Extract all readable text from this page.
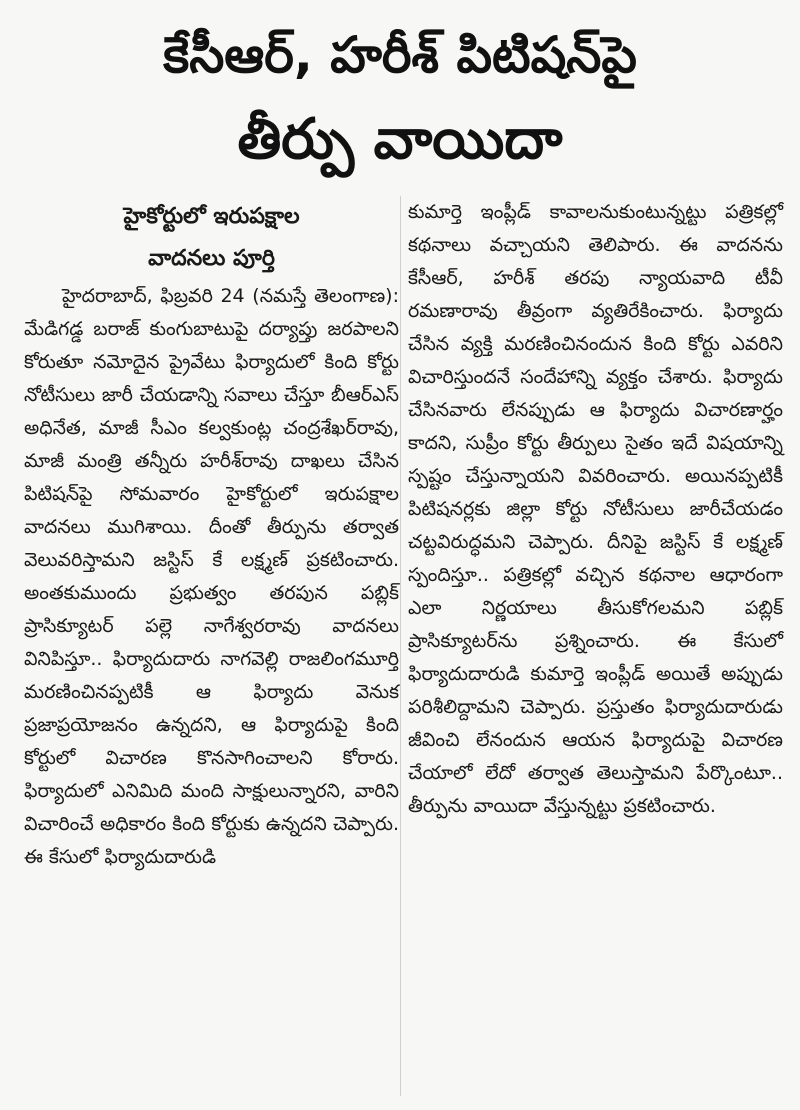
కేసీఆర్, హరీశ్ పిటిషన్‌పై
తీర్పు వాయిదా

హైకోర్టులో ఇరుపక్షాల
వాదనలు పూర్తి

హైదరాబాద్, ఫిబ్రవరి 24 (నమస్తే తెలంగాణ): మేడిగడ్డ బరాజ్ కుంగుబాటుపై దర్యాప్తు జరపాలని కోరుతూ నమోదైన ప్రైవేటు ఫిర్యాదులో కింది కోర్టు నోటీసులు జారీ చేయడాన్ని సవాలు చేస్తూ బీఆర్ఎస్ అధినేత, మాజీ సీఎం కల్వకుంట్ల చంద్రశేఖర్‌రావు, మాజీ మంత్రి తన్నీరు హరీశ్‌రావు దాఖలు చేసిన పిటిషన్‌పై సోమవారం హైకోర్టులో ఇరుపక్షాల వాదనలు ముగిశాయి. దీంతో తీర్పును తర్వాత వెలువరిస్తామని జస్టిస్ కే లక్ష్మణ్ ప్రకటించారు. అంతకుముందు ప్రభుత్వం తరపున పబ్లిక్ ప్రాసిక్యూటర్ పల్లె నాగేశ్వరరావు వాదనలు వినిపిస్తూ.. ఫిర్యాదుదారు నాగవెల్లి రాజలింగమూర్తి మరణించినప్పటికీ ఆ ఫిర్యాదు వెనుక ప్రజాప్రయోజనం ఉన్నదని, ఆ ఫిర్యాదుపై కింది కోర్టులో విచారణ కొనసాగించాలని కోరారు. ఫిర్యాదులో ఎనిమిది మంది సాక్షులున్నారని, వారిని విచారించే అధికారం కింది కోర్టుకు ఉన్నదని చెప్పారు. ఈ కేసులో ఫిర్యాదుదారుడి

కుమార్తె ఇంప్లీడ్ కావాలనుకుంటున్నట్టు పత్రికల్లో కథనాలు వచ్చాయని తెలిపారు. ఈ వాదనను కేసీఆర్, హరీశ్ తరపు న్యాయవాది టీవీ రమణారావు తీవ్రంగా వ్యతిరేకించారు. ఫిర్యాదు చేసిన వ్యక్తి మరణించినందున కింది కోర్టు ఎవరిని విచారిస్తుందనే సందేహాన్ని వ్యక్తం చేశారు. ఫిర్యాదు చేసినవారు లేనప్పుడు ఆ ఫిర్యాదు విచారణార్హం కాదని, సుప్రీం కోర్టు తీర్పులు సైతం ఇదే విషయాన్ని స్పష్టం చేస్తున్నాయని వివరించారు. అయినప్పటికీ పిటిషనర్లకు జిల్లా కోర్టు నోటీసులు జారీచేయడం చట్టవిరుద్ధమని చెప్పారు. దీనిపై జస్టిస్ కే లక్ష్మణ్ స్పందిస్తూ.. పత్రికల్లో వచ్చిన కథనాల ఆధారంగా ఎలా నిర్ణయాలు తీసుకోగలమని పబ్లిక్ ప్రాసిక్యూటర్‌ను ప్రశ్నించారు. ఈ కేసులో ఫిర్యాదుదారుడి కుమార్తె ఇంప్లీడ్ అయితే అప్పుడు పరిశీలిద్దామని చెప్పారు. ప్రస్తుతం ఫిర్యాదుదారుడు జీవించి లేనందున ఆయన ఫిర్యాదుపై విచారణ చేయాలో లేదో తర్వాత తెలుస్తామని పేర్కొంటూ.. తీర్పును వాయిదా వేస్తున్నట్టు ప్రకటించారు.
